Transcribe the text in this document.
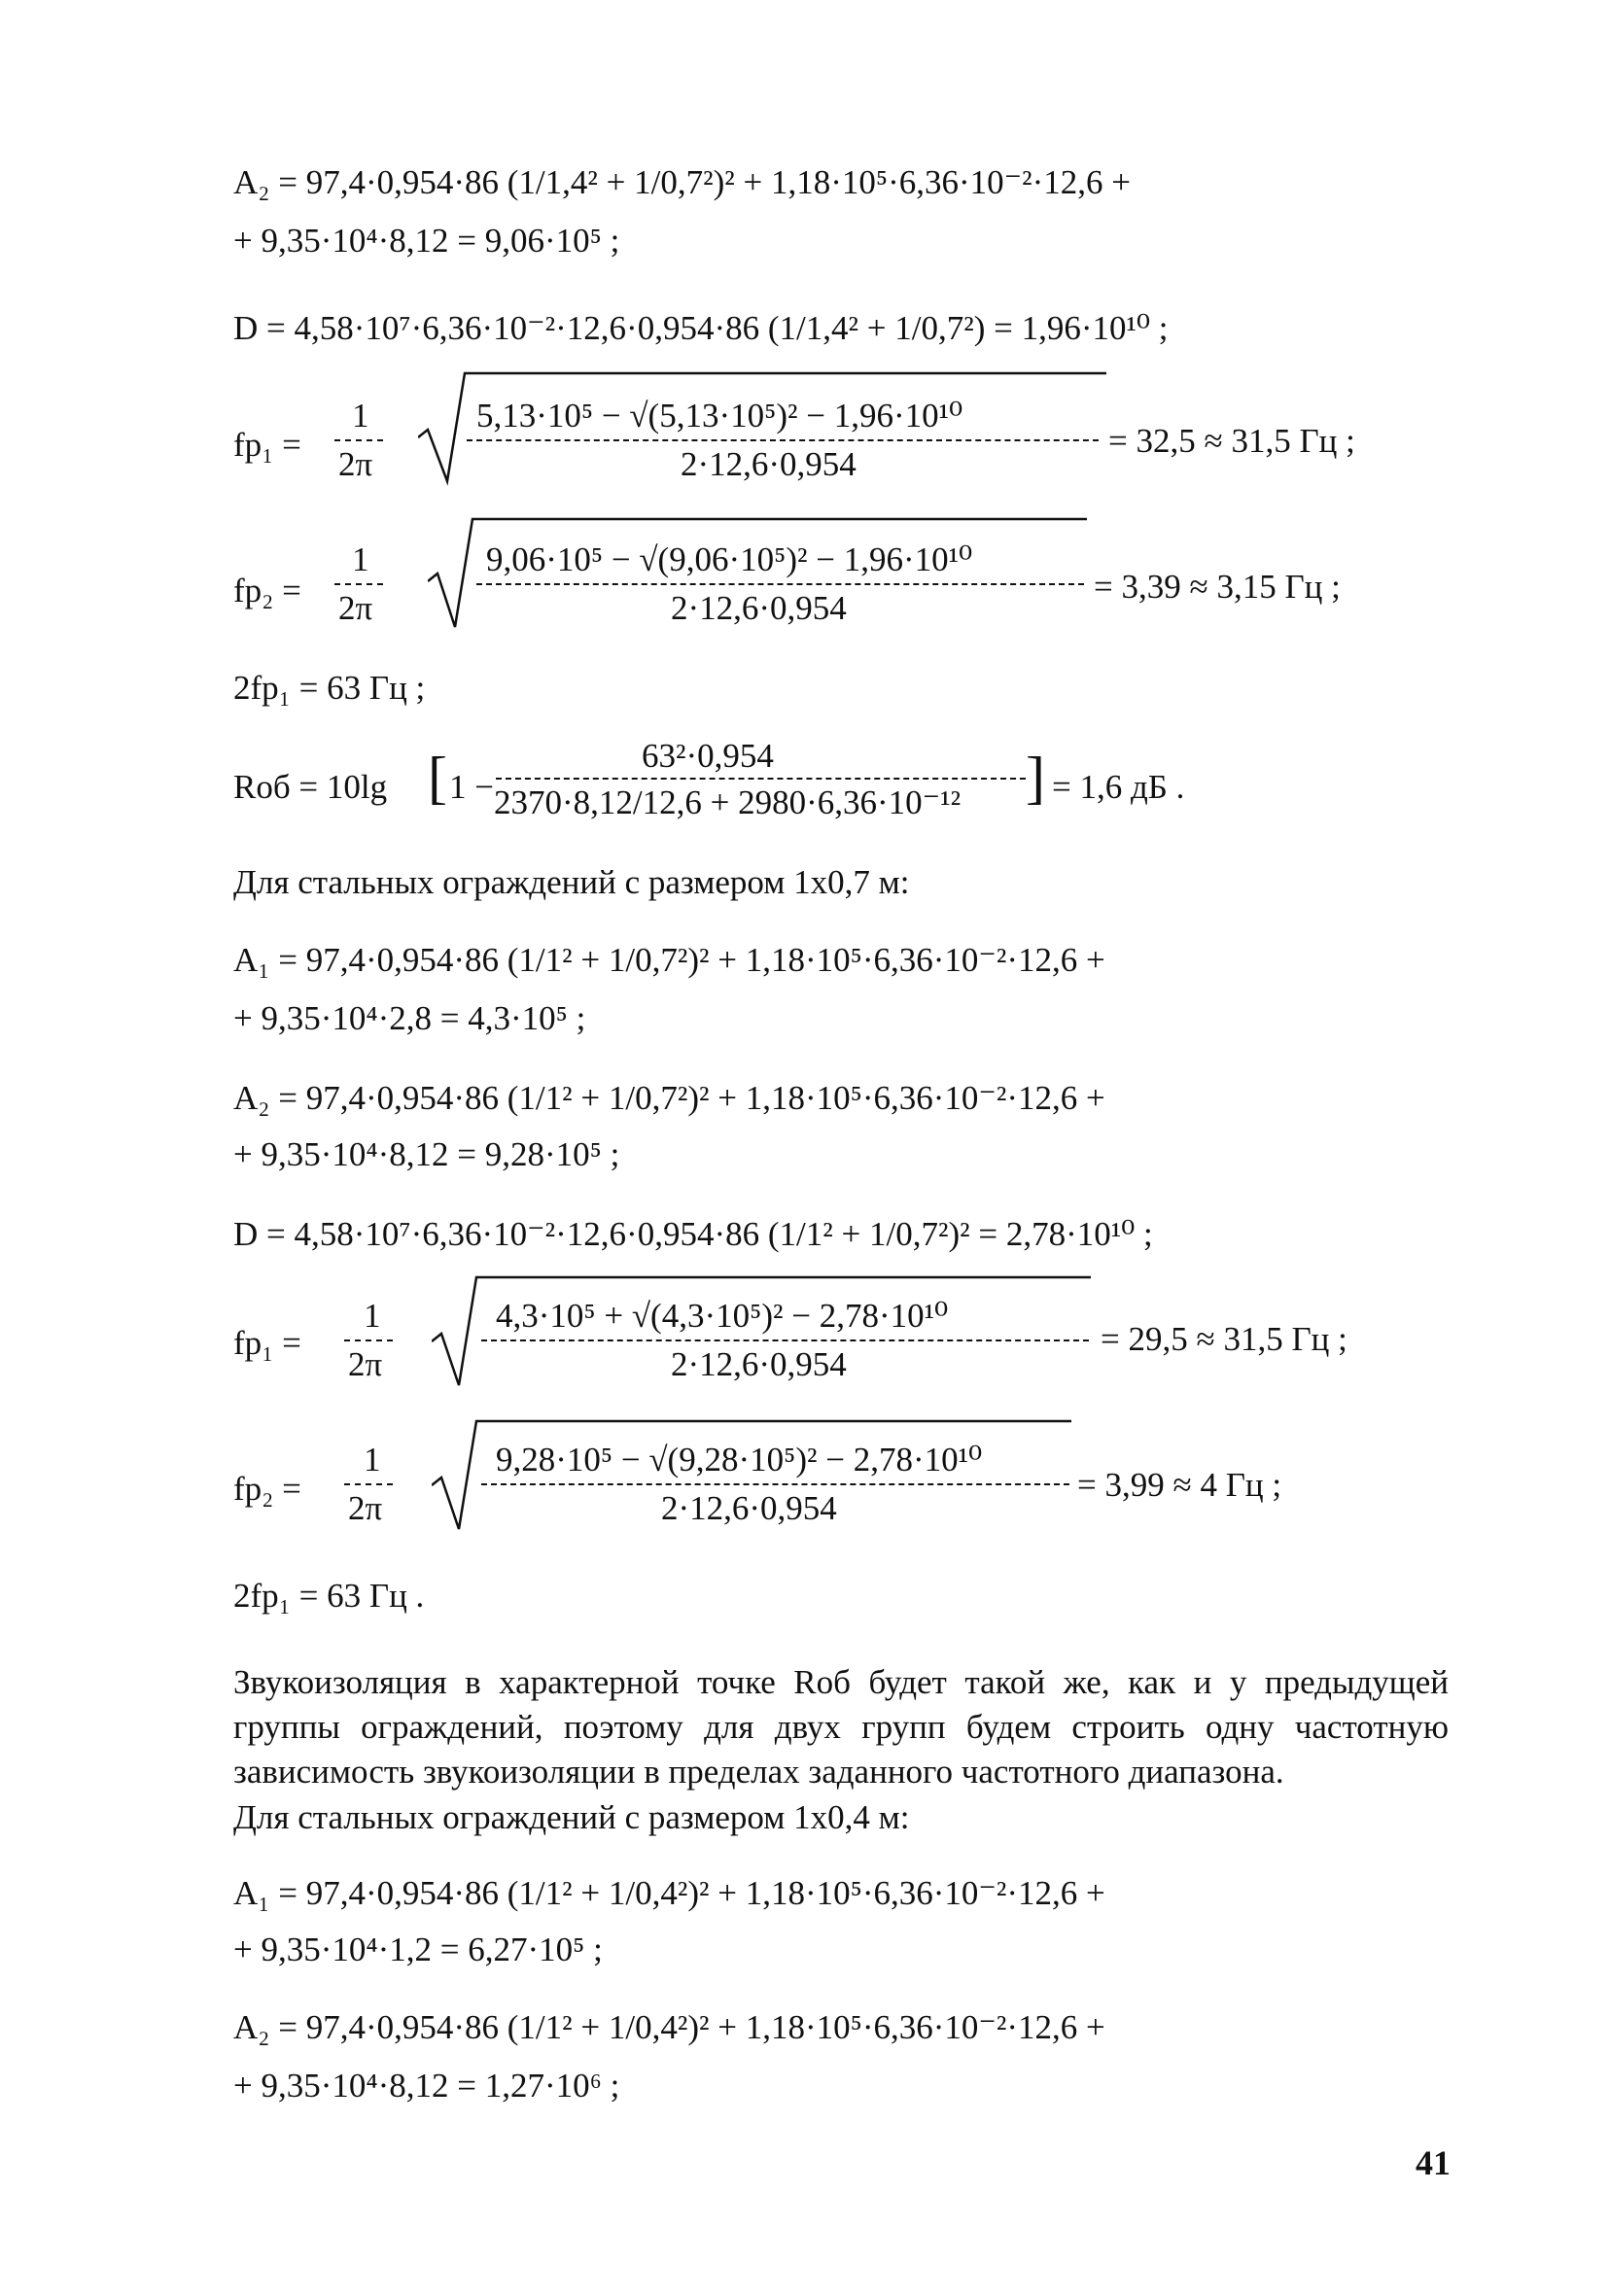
A₂ = 97,4·0,954·86 (1/1,4² + 1/0,7²)² + 1,18·10⁵·6,36·10⁻²·12,6 +
+ 9,35·10⁴·8,12 = 9,06·10⁵ ;
D = 4,58·10⁷·6,36·10⁻²·12,6·0,954·86 (1/1,4² + 1/0,7²) = 1,96·10¹⁰ ;
fp₁ =
1
2π
5,13·10⁵ − √(5,13·10⁵)² − 1,96·10¹⁰
2·12,6·0,954
= 32,5 ≈ 31,5 Гц ;
fp₂ =
1
2π
9,06·10⁵ − √(9,06·10⁵)² − 1,96·10¹⁰
2·12,6·0,954
= 3,39 ≈ 3,15 Гц ;
2fp₁ = 63 Гц ;
Rоб = 10lg [ 1 −
63²·0,954
2370·8,12/12,6 + 2980·6,36·10⁻¹² ] = 1,6 дБ .
Для стальных ограждений с размером 1х0,7 м:
A₁ = 97,4·0,954·86 (1/1² + 1/0,7²)² + 1,18·10⁵·6,36·10⁻²·12,6 +
+ 9,35·10⁴·2,8 = 4,3·10⁵ ;
A₂ = 97,4·0,954·86 (1/1² + 1/0,7²)² + 1,18·10⁵·6,36·10⁻²·12,6 +
+ 9,35·10⁴·8,12 = 9,28·10⁵ ;
D = 4,58·10⁷·6,36·10⁻²·12,6·0,954·86 (1/1² + 1/0,7²)² = 2,78·10¹⁰ ;
fp₁ =
1
2π
4,3·10⁵ + √(4,3·10⁵)² − 2,78·10¹⁰
2·12,6·0,954
= 29,5 ≈ 31,5 Гц ;
fp₂ =
1
2π
9,28·10⁵ − √(9,28·10⁵)² − 2,78·10¹⁰
2·12,6·0,954
= 3,99 ≈ 4 Гц ;
2fp₁ = 63 Гц .
Звукоизоляция в характерной точке Rоб будет такой же, как и у предыдущей группы ограждений, поэтому для двух групп будем строить одну частотную зависимость звукоизоляции в пределах заданного частотного диапазона.
Для стальных ограждений с размером 1х0,4 м:
A₁ = 97,4·0,954·86 (1/1² + 1/0,4²)² + 1,18·10⁵·6,36·10⁻²·12,6 +
+ 9,35·10⁴·1,2 = 6,27·10⁵ ;
A₂ = 97,4·0,954·86 (1/1² + 1/0,4²)² + 1,18·10⁵·6,36·10⁻²·12,6 +
+ 9,35·10⁴·8,12 = 1,27·10⁶ ;
41
